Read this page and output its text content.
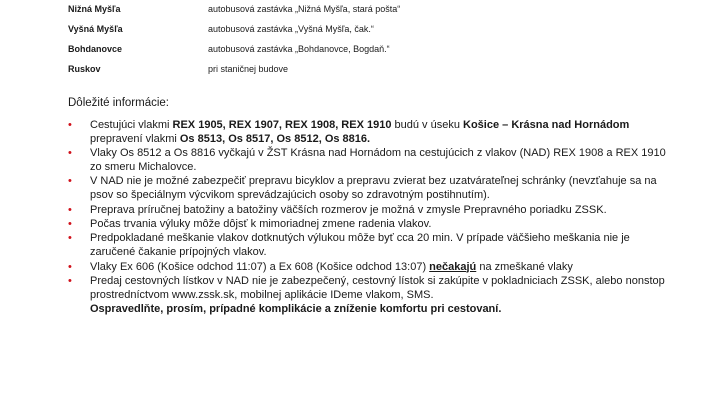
Nižná Myšľa	autobusová zastávka „Nižná Myšľa, stará pošta“
Vyšná Myšľa	autobusová zastávka „Vyšná Myšľa, čak.“
Bohdanovce	autobusová zastávka „Bohdanovce, Bogdaň.“
Ruskov	pri staničnej budove
Dôležité informácie:
• Cestujúci vlakmi REX 1905, REX 1907, REX 1908, REX 1910 budú v úseku Košice – Krásna nad Hornádom prepravení vlakmi Os 8513, Os 8517, Os 8512, Os 8816.
• Vlaky Os 8512 a Os 8816 vyčkajú v ŽST Krásna nad Hornádom na cestujúcich z vlakov (NAD) REX 1908 a REX 1910 zo smeru Michalovce.
• V NAD nie je možné zabezpečiť prepravu bicyklov a prepravu zvierat bez uzatvárateľnej schránky (nevzťahuje sa na psov so špeciálnym výcvikom sprevádzajúcich osoby so zdravotným postihnutím).
• Preprava príručnej batožiny a batožiny väčších rozmerov je možná v zmysle Prepravného poriadku ZSSK.
• Počas trvania výluky môže dôjsť k mimoriadnej zmene radenia vlakov.
• Predpokladané meškanie vlakov dotknutých výlukou môže byť cca 20 min. V prípade väčšieho meškania nie je zaručené čakanie prípojných vlakov.
• Vlaky Ex 606 (Košice odchod 11:07) a Ex 608 (Košice odchod 13:07) nečakajú na zmeškané vlaky
• Predaj cestovných lístkov v NAD nie je zabezpečený, cestovný lístok si zakúpite v pokladniciach ZSSK, alebo nonstop prostredníctvom www.zssk.sk, mobilnej aplikácie IDeme vlakom, SMS.
Ospravedlňte, prosím, prípadné komplikácie a zníženie komfortu pri cestovaní.
